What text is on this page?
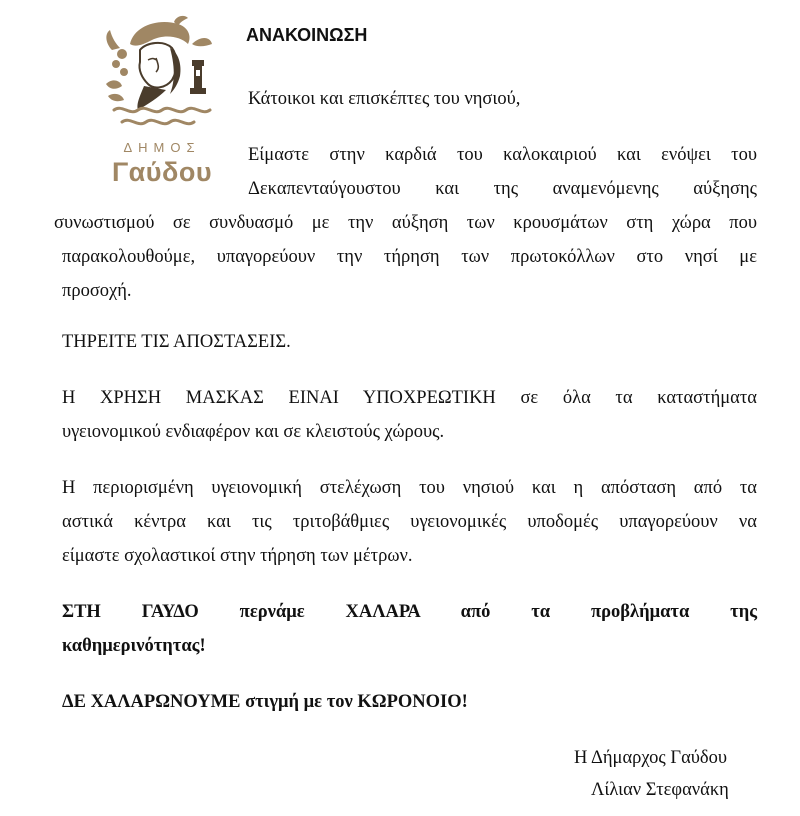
ΔΗΜΟΣ
Γαύδου
ΑΝΑΚΟΙΝΩΣΗ
Κάτοικοι και επισκέπτες του νησιού,
Είμαστε στην καρδιά του καλοκαιριού και ενόψει του
Δεκαπενταύγουστου και της αναμενόμενης αύξησης
συνωστισμού σε συνδυασμό με την αύξηση των κρουσμάτων στη χώρα που
παρακολουθούμε, υπαγορεύουν την τήρηση των πρωτοκόλλων στο νησί με
προσοχή.
ΤΗΡΕΙΤΕ ΤΙΣ ΑΠΟΣΤΑΣΕΙΣ.
Η ΧΡΗΣΗ ΜΑΣΚΑΣ ΕΙΝΑΙ ΥΠΟΧΡΕΩΤΙΚΗ σε όλα τα καταστήματα
υγειονομικού ενδιαφέρον και σε κλειστούς χώρους.
Η περιορισμένη υγειονομική στελέχωση του νησιού και η απόσταση από τα
αστικά κέντρα και τις τριτοβάθμιες υγειονομικές υποδομές υπαγορεύουν να
είμαστε σχολαστικοί στην τήρηση των μέτρων.
ΣΤΗ ΓΑΥΔΟ περνάμε ΧΑΛΑΡΑ από τα προβλήματα της
καθημερινότητας!
ΔΕ ΧΑΛΑΡΩΝΟΥΜΕ στιγμή με τον ΚΩΡΟΝΟΙΟ!
Η Δήμαρχος Γαύδου
Λίλιαν Στεφανάκη
